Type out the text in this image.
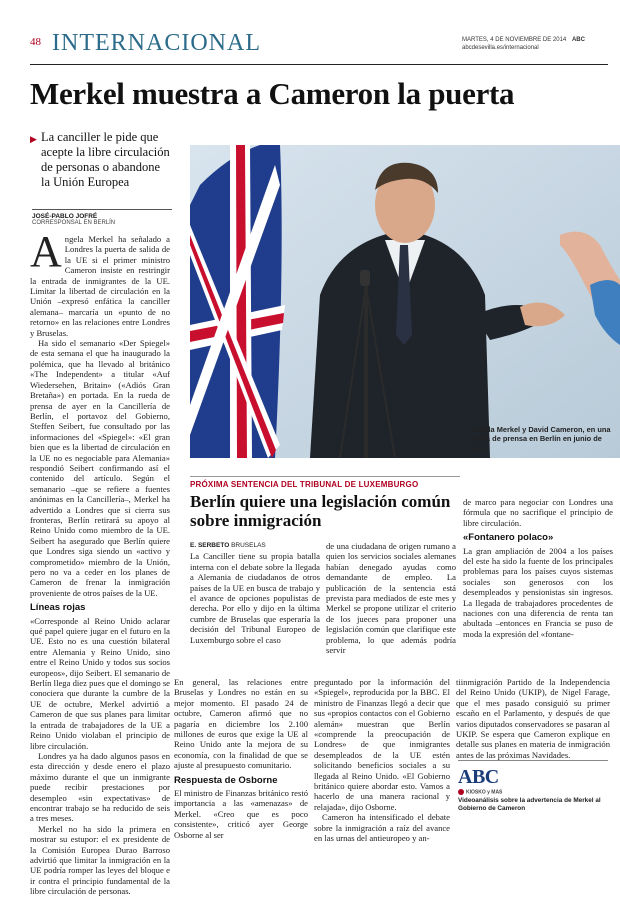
48 INTERNACIONAL	MARTES, 4 DE NOVIEMBRE DE 2014 ABC
abcdesevilla.es/internacional
Merkel muestra a Cameron la puerta
▶ La canciller le pide que acepte la libre circulación de personas o abandone la Unión Europea
JOSÉ-PABLO JOFRÉ
CORRESPONSAL EN BERLÍN

Angela Merkel ha señalado a Londres la puerta de salida de la UE si el primer ministro Cameron insiste en restringir la entrada de inmigrantes de la UE. Limitar la libertad de circulación en la Unión –expresó enfática la canciller alemana– marcaría un «punto de no retorno» en las relaciones entre Londres y Bruselas.

Ha sido el semanario «Der Spiegel» de esta semana el que ha inaugurado la polémica, que ha llevado al británico «The Independent» a titular «Auf Wiedersehen, Britain» («Adiós Gran Bretaña») en portada. En la rueda de prensa de ayer en la Cancillería de Berlín, el portavoz del Gobierno, Steffen Seibert, fue consultado por las informaciones del «Spiegel»: «El gran bien que es la libertad de circulación en la UE no es negociable para Alemania» respondió Seibert confirmando así el contenido del artículo. Según el semanario –que se refiere a fuentes anónimas en la Cancillería–, Merkel ha advertido a Londres que si cierra sus fronteras, Berlín retirará su apoyo al Reino Unido como miembro de la UE. Seibert ha asegurado que Berlín quiere que Londres siga siendo un «activo y comprometido» miembro de la Unión, pero no va a ceder en los planes de Cameron de frenar la inmigración proveniente de otros países de la UE.

Líneas rojas

«Corresponde al Reino Unido aclarar qué papel quiere jugar en el futuro en la UE. Esto no es una cuestión bilateral entre Alemania y Reino Unido, sino entre el Reino Unido y todos sus socios europeos», dijo Seibert. El semanario de Berlín llega diez pues que el domingo se conociera que durante la cumbre de la UE de octubre, Merkel advirtió a Cameron de que sus planes para limitar la entrada de trabajadores de la UE a Reino Unido violaban el principio de libre circulación.

Londres ya ha dado algunos pasos en esta dirección y desde enero el plazo máximo durante el que un inmigrante puede recibir prestaciones por desempleo «sin expectativas» de encontrar trabajo se ha reducido de seis a tres meses.

Merkel no ha sido la primera en mostrar su estupor: el ex presidente de la Comisión Europea Durao Barroso advirtió que limitar la inmigración en la UE podría romper las leyes del bloque e ir contra el principio fundamental de la libre circulación de personas.

Angela Merkel y David Cameron, en una rueda de prensa en Berlín en junio de 2012
PRÓXIMA SENTENCIA DEL TRIBUNAL DE LUXEMBURGO
Berlín quiere una legislación común sobre inmigración
E. SERBETO BRUSELAS

La Canciller tiene su propia batalla interna con el debate sobre la llegada a Alemania de ciudadanos de otros países de la UE en busca de trabajo y el avance de opciones populistas de derecha. Por ello y dijo en la última cumbre de Bruselas que esperaría la decisión del Tribunal Europeo de Luxemburgo sobre el caso

de una ciudadana de origen rumano a quien los servicios sociales alemanes habían denegado ayudas como demandante de empleo. La publicación de la sentencia está prevista para mediados de este mes y Merkel se propone utilizar el criterio de los jueces para proponer una legislación común que clarifique este problema, lo que además podría servir

de marco para negociar con Londres una fórmula que no sacrifique el principio de libre circulación.

«Fontanero polaco»

La gran ampliación de 2004 a los países del este ha sido la fuente de los principales problemas para los países cuyos sistemas sociales son generosos con los desempleados y pensionistas sin ingresos. La llegada de trabajadores procedentes de naciones con una diferencia de renta tan abultada –entonces en Francia se puso de moda la expresión del «fontane-

En general, las relaciones entre Bruselas y Londres no están en su mejor momento. El pasado 24 de octubre, Cameron afirmó que no pagaría en diciembre los 2.100 millones de euros que exige la UE al Reino Unido ante la mejora de su economía, con la finalidad de que se ajuste al presupuesto comunitario.

Respuesta de Osborne

El ministro de Finanzas británico restó importancia a las «amenazas» de Merkel. «Creo que es poco consistente», criticó ayer George Osborne al ser

preguntado por la información del «Spiegel», reproducida por la BBC. El ministro de Finanzas llegó a decir que sus «propios contactos con el Gobierno alemán» muestran que Berlín «comprende la preocupación de Londres» de que inmigrantes desempleados de la UE estén solicitando beneficios sociales a su llegada al Reino Unido. «El Gobierno británico quiere abordar esto. Vamos a hacerlo de una manera racional y relajada», dijo Osborne.

Cameron ha intensificado el debate sobre la inmigración a raíz del avance en las urnas del antieuropeo y an-

tiinmigración Partido de la Independencia del Reino Unido (UKIP), de Nigel Farage, que el mes pasado consiguió su primer escaño en el Parlamento, y después de que varios diputados conservadores se pasaran al UKIP. Se espera que Cameron explique en detalle sus planes en materia de inmigración antes de las próximas Navidades.

ABC
KIOSKO y MAS
Videoanálisis sobre la advertencia de Merkel al Gobierno de Cameron
